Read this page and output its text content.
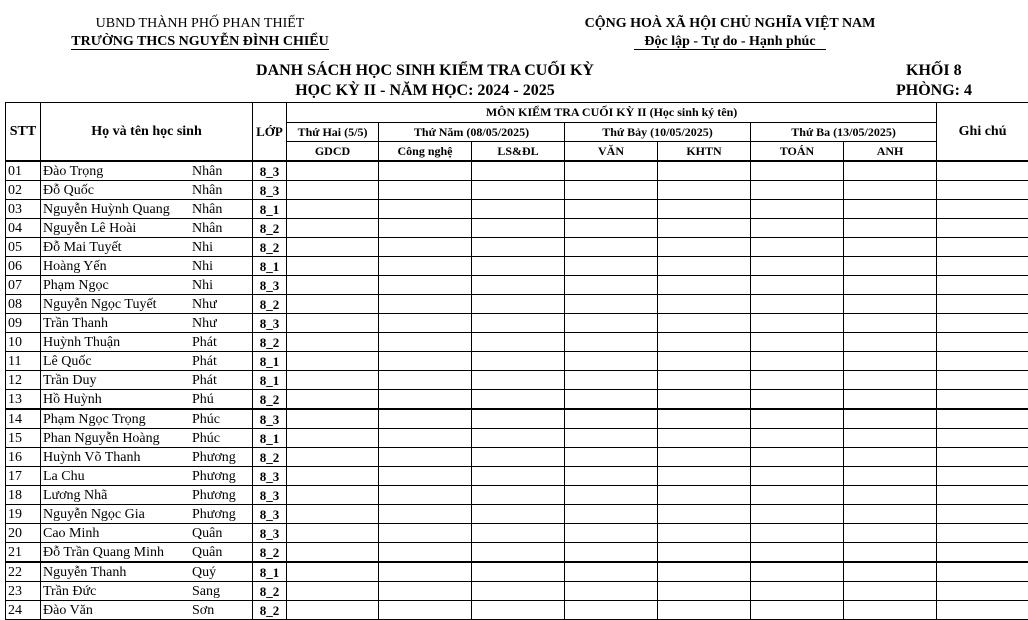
UBND THÀNH PHỐ PHAN THIẾT
TRƯỜNG THCS NGUYỄN ĐÌNH CHIỂU
CỘNG HOÀ XÃ HỘI CHỦ NGHĨA VIỆT NAM
Độc lập - Tự do - Hạnh phúc
DANH SÁCH HỌC SINH KIỂM TRA CUỐI KỲ
HỌC KỲ II - NĂM HỌC: 2024 - 2025
KHỐI 8
PHÒNG: 4
STT	Họ và tên học sinh	LỚP	MÔN KIỂM TRA CUỐI KỲ II (Học sinh ký tên)							Ghi chú
			Thứ Hai (5/5)	Thứ Năm (08/05/2025)		Thứ Bảy (10/05/2025)		Thứ Ba (13/05/2025)		
			GDCD	Công nghệ	LS&ĐL	VĂN	KHTN	TOÁN	ANH	
01	Đào Trọng Nhân	8_3								
02	Đỗ Quốc Nhân	8_3								
03	Nguyễn Huỳnh Quang Nhân	8_1								
04	Nguyễn Lê Hoài Nhân	8_2								
05	Đỗ Mai Tuyết Nhi	8_2								
06	Hoàng Yến Nhi	8_1								
07	Phạm Ngọc Nhi	8_3								
08	Nguyễn Ngọc Tuyết Như	8_2								
09	Trần Thanh Như	8_3								
10	Huỳnh Thuận Phát	8_2								
11	Lê Quốc Phát	8_1								
12	Trần Duy Phát	8_1								
13	Hồ Huỳnh Phú	8_2								
14	Phạm Ngọc Trọng Phúc	8_3								
15	Phan Nguyễn Hoàng Phúc	8_1								
16	Huỳnh Võ Thanh Phương	8_2								
17	La Chu Phương	8_3								
18	Lương Nhã Phương	8_3								
19	Nguyễn Ngọc Gia Phương	8_3								
20	Cao Minh Quân	8_3								
21	Đỗ Trần Quang Minh Quân	8_2								
22	Nguyễn Thanh Quý	8_1								
23	Trần Đức Sang	8_2								
24	Đào Văn Sơn	8_2								
